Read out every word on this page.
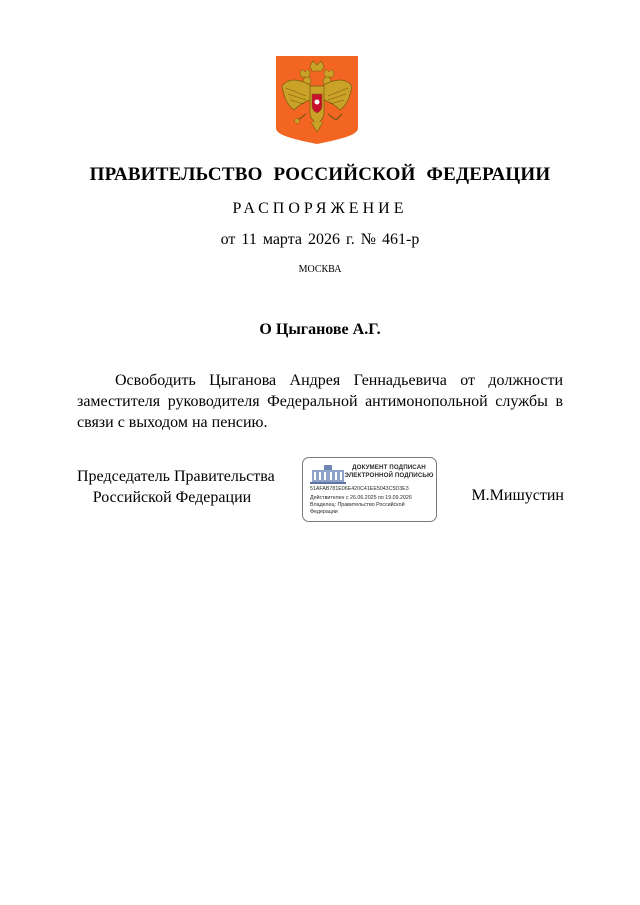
ПРАВИТЕЛЬСТВО РОССИЙСКОЙ ФЕДЕРАЦИИ
РАСПОРЯЖЕНИЕ
от 11 марта 2026 г. № 461-р
МОСКВА
О Цыганове А.Г.

Освободить Цыганова Андрея Геннадьевича от должности заместителя руководителя Федеральной антимонопольной службы в связи с выходом на пенсию.

Председатель Правительства
Российской Федерации
ДОКУМЕНТ ПОДПИСАН
ЭЛЕКТРОННОЙ ПОДПИСЬЮ
51AFAB781E06E420C41EE5043C5D3E3
Действителен с 26.06.2025 по 19.09.2026
Владелец: Правительство Российской Федерации
М.Мишустин
